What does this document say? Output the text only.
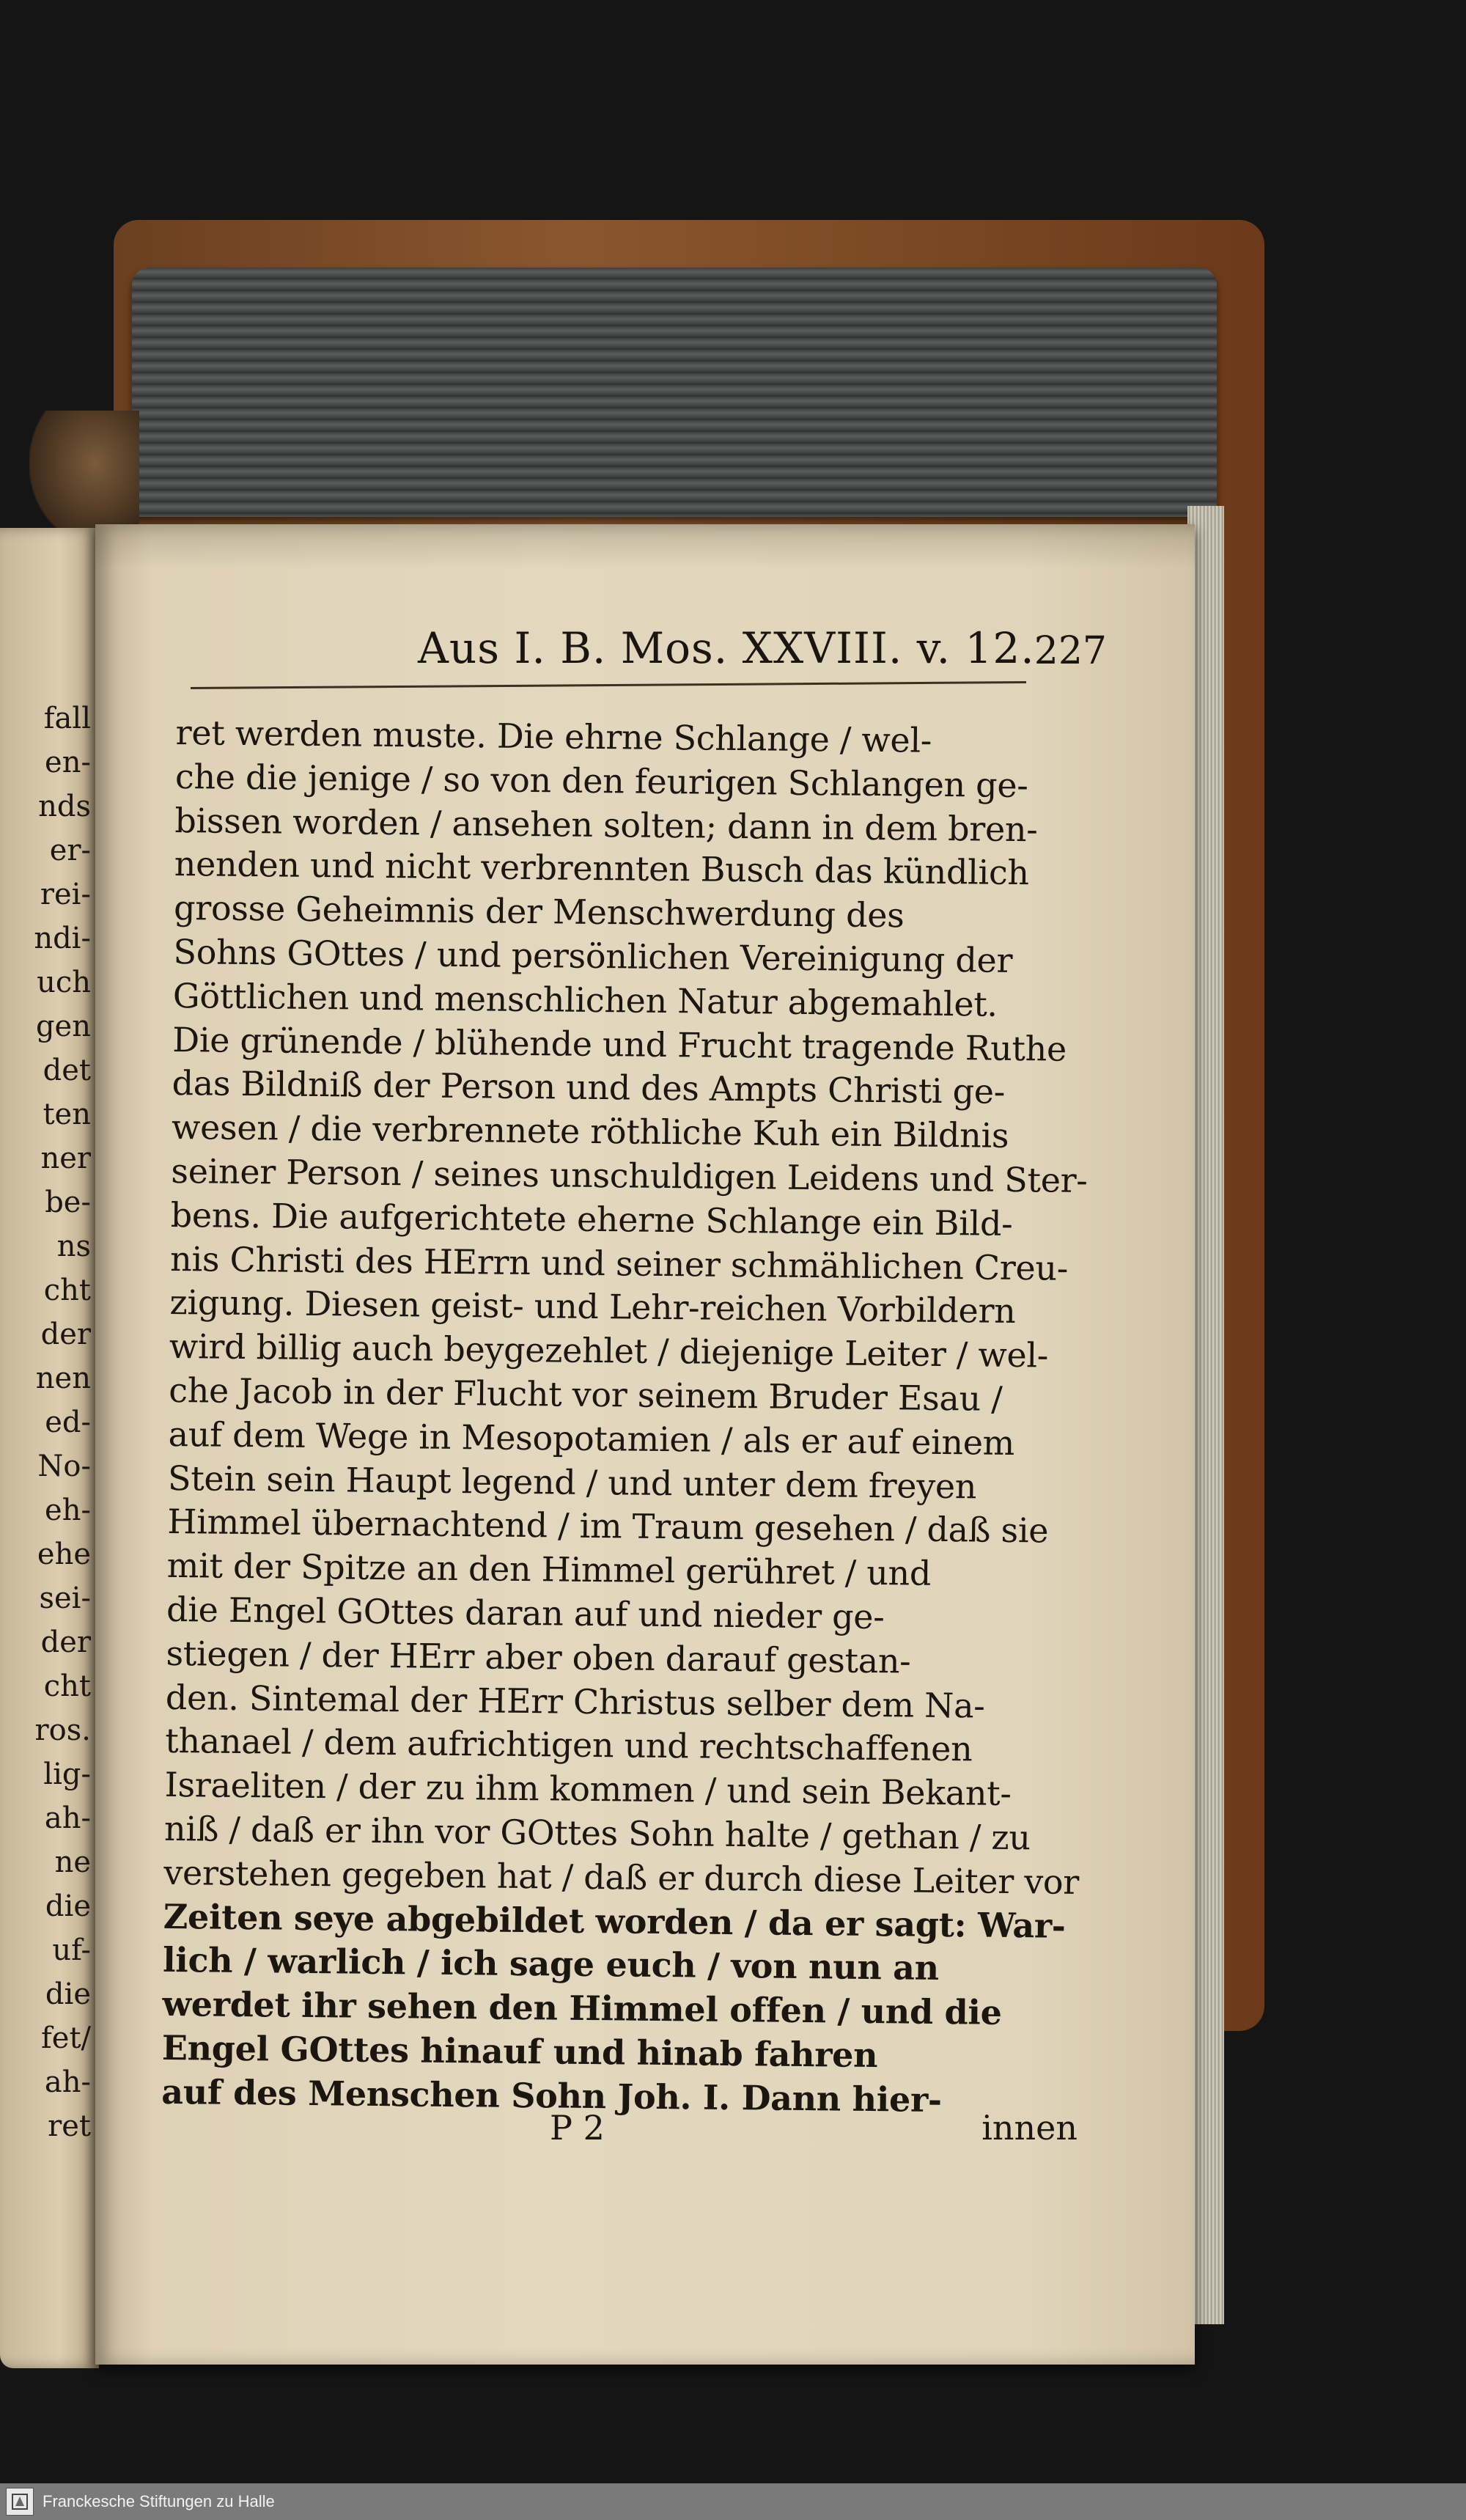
fall
en-
nds
er-
rei-
ndi-
uch
gen
det
ten
ner
be-
ns
cht
der
nen
ed-
No-
eh-
ehe
sei-
der
cht
ros.
lig-
ah-
ne
die
uf-
die
fet/
ah-
ret
Aus I. B. Mos. XXVIII. v. 12.
227
ret werden muste. Die ehrne Schlange / wel-
che die jenige / so von den feurigen Schlangen ge-
bissen worden / ansehen solten; dann in dem bren-
nenden und nicht verbrennten Busch das kündlich
grosse Geheimnis der Menschwerdung des
Sohns GOttes / und persönlichen Vereinigung der
Göttlichen und menschlichen Natur abgemahlet.
Die grünende / blühende und Frucht tragende Ruthe
das Bildniß der Person und des Ampts Christi ge-
wesen / die verbrennete röthliche Kuh ein Bildnis
seiner Person / seines unschuldigen Leidens und Ster-
bens. Die aufgerichtete eherne Schlange ein Bild-
nis Christi des HErrn und seiner schmählichen Creu-
zigung. Diesen geist- und Lehr-reichen Vorbildern
wird billig auch beygezehlet / diejenige Leiter / wel-
che Jacob in der Flucht vor seinem Bruder Esau /
auf dem Wege in Mesopotamien / als er auf einem
Stein sein Haupt legend / und unter dem freyen
Himmel übernachtend / im Traum gesehen / daß sie
mit der Spitze an den Himmel gerühret / und
die Engel GOttes daran auf und nieder ge-
stiegen / der HErr aber oben darauf gestan-
den. Sintemal der HErr Christus selber dem Na-
thanael / dem aufrichtigen und rechtschaffenen
Israeliten / der zu ihm kommen / und sein Bekant-
niß / daß er ihn vor GOttes Sohn halte / gethan / zu
verstehen gegeben hat / daß er durch diese Leiter vor
Zeiten seye abgebildet worden / da er sagt: War-
lich / warlich / ich sage euch / von nun an
werdet ihr sehen den Himmel offen / und die
Engel GOttes hinauf und hinab fahren
auf des Menschen Sohn Joh. I. Dann hier-
P 2	innen
Franckesche Stiftungen zu Halle
